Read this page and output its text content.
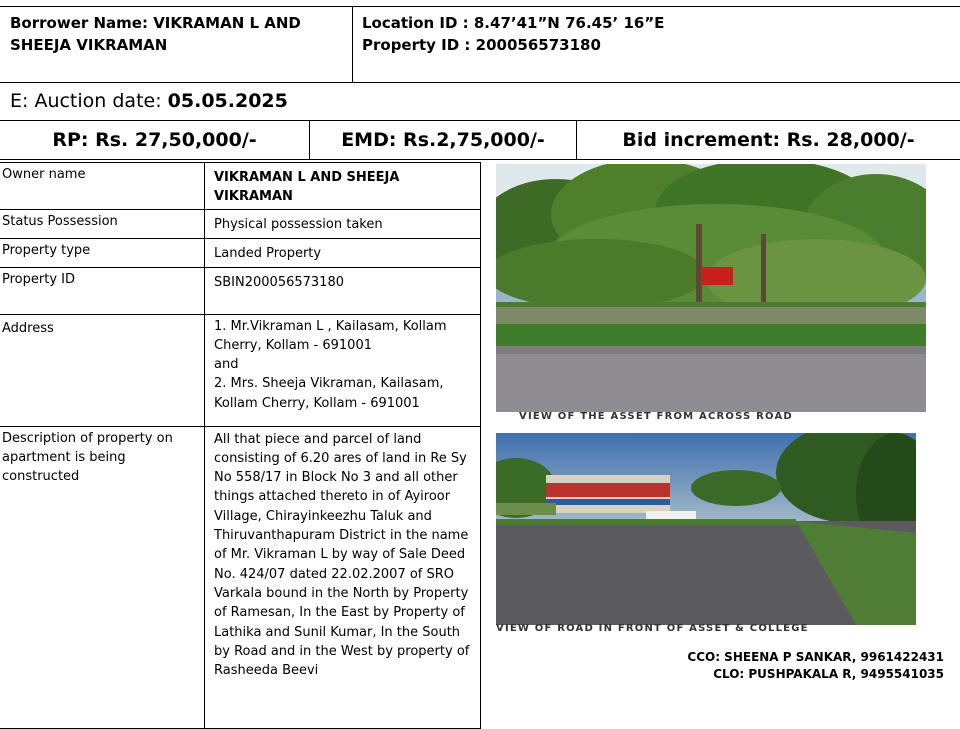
Borrower Name: VIKRAMAN L AND SHEEJA VIKRAMAN
Location ID : 8.47’41”N 76.45’ 16”E
Property ID : 200056573180
E: Auction date: 05.05.2025
RP: Rs. 27,50,000/-	EMD: Rs.2,75,000/-	Bid increment: Rs. 28,000/-
Owner name	VIKRAMAN L AND SHEEJA VIKRAMAN
Status Possession	Physical possession taken
Property type	Landed Property
Property ID	SBIN200056573180
Address	1. Mr.Vikraman L , Kailasam, Kollam Cherry, Kollam - 691001
and
2. Mrs. Sheeja Vikraman, Kailasam, Kollam Cherry, Kollam - 691001

Description of property on apartment is being constructed	All that piece and parcel of land consisting of 6.20 ares of land in Re Sy No 558/17 in Block No 3 and all other things attached thereto in of Ayiroor Village, Chirayinkeezhu Taluk and Thiruvanthapuram District in the name of Mr. Vikraman L by way of Sale Deed No. 424/07 dated 22.02.2007 of SRO Varkala bound in the North by Property of Ramesan, In the East by Property of Lathika and Sunil Kumar, In the South by Road and in the West by property of Rasheeda Beevi
VIEW OF THE ASSET FROM ACROSS ROAD
VIEW OF ROAD IN FRONT OF ASSET & COLLEGE
CCO: SHEENA P SANKAR, 9961422431
CLO: PUSHPAKALA R, 9495541035
